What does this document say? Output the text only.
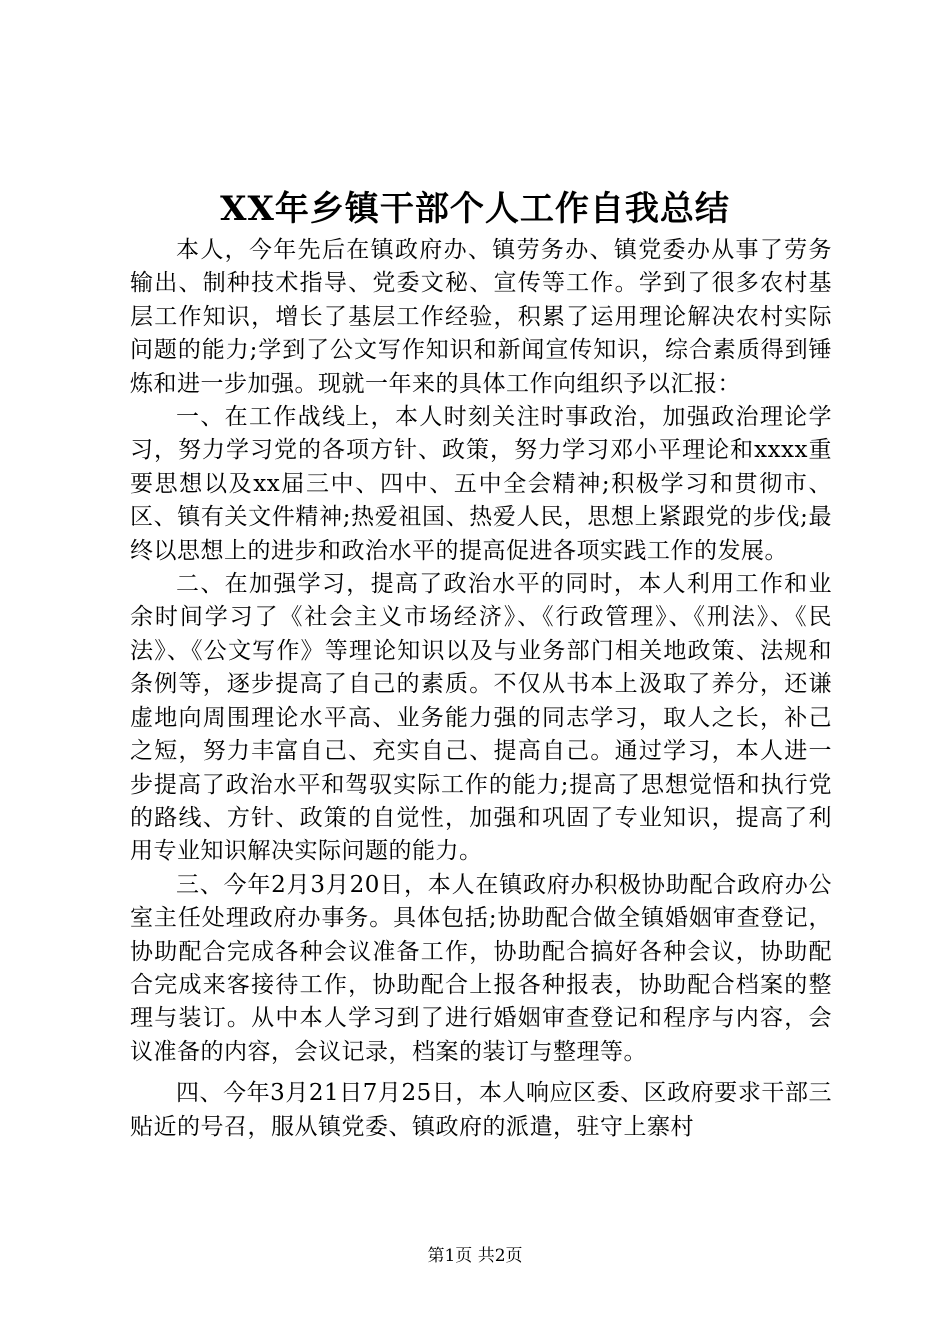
XX年乡镇干部个人工作自我总结

本人，今年先后在镇政府办、镇劳务办、镇党委办从事了劳务输出、制种技术指导、党委文秘、宣传等工作。学到了很多农村基层工作知识，增长了基层工作经验，积累了运用理论解决农村实际问题的能力;学到了公文写作知识和新闻宣传知识，综合素质得到锤炼和进一步加强。现就一年来的具体工作向组织予以汇报：

一、在工作战线上，本人时刻关注时事政治，加强政治理论学习，努力学习党的各项方针、政策，努力学习邓小平理论和xxxx重要思想以及xx届三中、四中、五中全会精神;积极学习和贯彻市、区、镇有关文件精神;热爱祖国、热爱人民，思想上紧跟党的步伐;最终以思想上的进步和政治水平的提高促进各项实践工作的发展。

二、在加强学习，提高了政治水平的同时，本人利用工作和业余时间学习了《社会主义市场经济》、《行政管理》、《刑法》、《民法》、《公文写作》等理论知识以及与业务部门相关地政策、法规和条例等，逐步提高了自己的素质。不仅从书本上汲取了养分，还谦虚地向周围理论水平高、业务能力强的同志学习，取人之长，补己之短，努力丰富自己、充实自己、提高自己。通过学习，本人进一步提高了政治水平和驾驭实际工作的能力;提高了思想觉悟和执行党的路线、方针、政策的自觉性，加强和巩固了专业知识，提高了利用专业知识解决实际问题的能力。

三、今年2月3月20日，本人在镇政府办积极协助配合政府办公室主任处理政府办事务。具体包括;协助配合做全镇婚姻审查登记，协助配合完成各种会议准备工作，协助配合搞好各种会议，协助配合完成来客接待工作，协助配合上报各种报表，协助配合档案的整理与装订。从中本人学习到了进行婚姻审查登记和程序与内容，会议准备的内容，会议记录，档案的装订与整理等。

四、今年3月21日7月25日，本人响应区委、区政府要求干部三贴近的号召，服从镇党委、镇政府的派遣，驻守上寨村

第1页 共2页
